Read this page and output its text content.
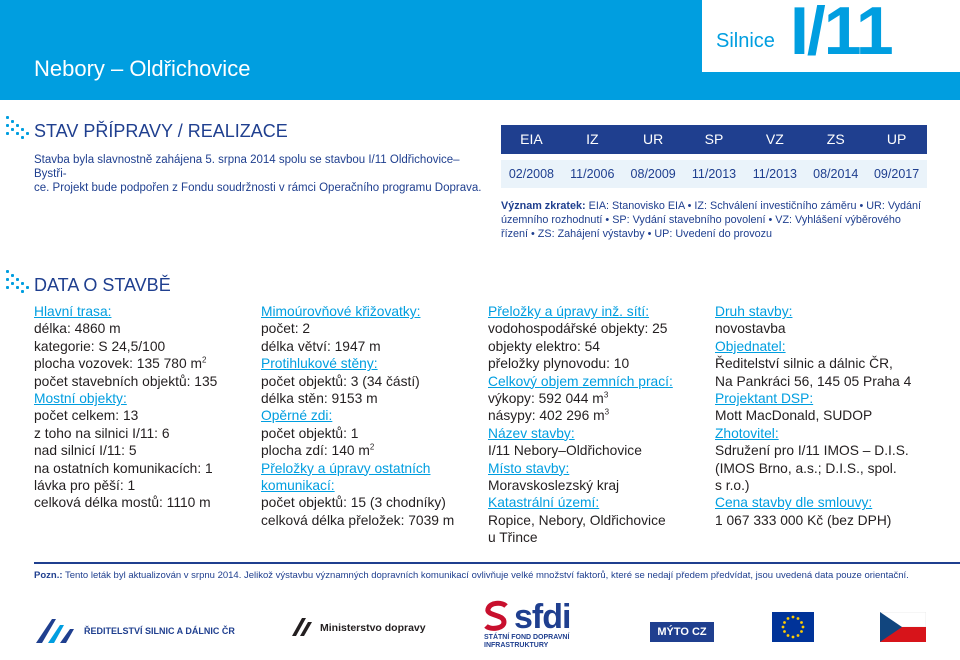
Nebory – Oldřichovice
Silnice I/11
STAV PŘÍPRAVY / REALIZACE
Stavba byla slavnostně zahájena 5. srpna 2014 spolu se stavbou I/11 Oldřichovice–Bystři-
ce. Projekt bude podpořen z Fondu soudržnosti v rámci Operačního programu Doprava.
EIA	IZ	UR	SP	VZ	ZS	UP
02/2008	11/2006	08/2009	11/2013	11/2013	08/2014	09/2017
Význam zkratek: EIA: Stanovisko EIA • IZ: Schválení investičního záměru • UR: Vydání územního rozhodnutí • SP: Vydání stavebního povolení • VZ: Vyhlášení výběrového řízení • ZS: Zahájení výstavby • UP: Uvedení do provozu
DATA O STAVBĚ
Hlavní trasa:
délka: 4860 m
kategorie: S 24,5/100
plocha vozovek: 135 780 $m^2$
počet stavebních objektů: 135
Mostní objekty:
počet celkem: 13
z toho na silnici I/11: 6
nad silnicí I/11: 5
na ostatních komunikacích: 1
lávka pro pěší: 1
celková délka mostů: 1110 m
Mimoúrovňové křižovatky:
počet: 2
délka větví: 1947 m
Protihlukové stěny:
počet objektů: 3 (34 částí)
délka stěn: 9153 m
Opěrné zdi:
počet objektů: 1
plocha zdí: 140 $m^2$
Přeložky a úpravy ostatních
komunikací:
počet objektů: 15 (3 chodníky)
celková délka přeložek: 7039 m
Přeložky a úpravy inž. sítí:
vodohospodářské objekty: 25
objekty elektro: 54
přeložky plynovodu: 10
Celkový objem zemních prací:
výkopy: 592 044 $m^3$
násypy: 402 296 $m^3$
Název stavby:
I/11 Nebory–Oldřichovice
Místo stavby:
Moravskoslezský kraj
Katastrální území:
Ropice, Nebory, Oldřichovice
u Třince
Druh stavby:
novostavba
Objednatel:
Ředitelství silnic a dálnic ČR,
Na Pankráci 56, 145 05 Praha 4
Projektant DSP:
Mott MacDonald, SUDOP
Zhotovitel:
Sdružení pro I/11 IMOS – D.I.S.
(IMOS Brno, a.s.; D.I.S., spol.
s r.o.)
Cena stavby dle smlouvy:
1 067 333 000 Kč (bez DPH)
Pozn.: Tento leták byl aktualizován v srpnu 2014. Jelikož výstavbu významných dopravních komunikací ovlivňuje velké množství faktorů, které se nedají předem předvídat, jsou uvedená data pouze orientační.
ŘEDITELSTVÍ SILNIC A DÁLNIC ČR	Ministerstvo dopravy	sfdi
STÁTNÍ FOND DOPRAVNÍ
INFRASTRUKTURY
MÝTO CZ
